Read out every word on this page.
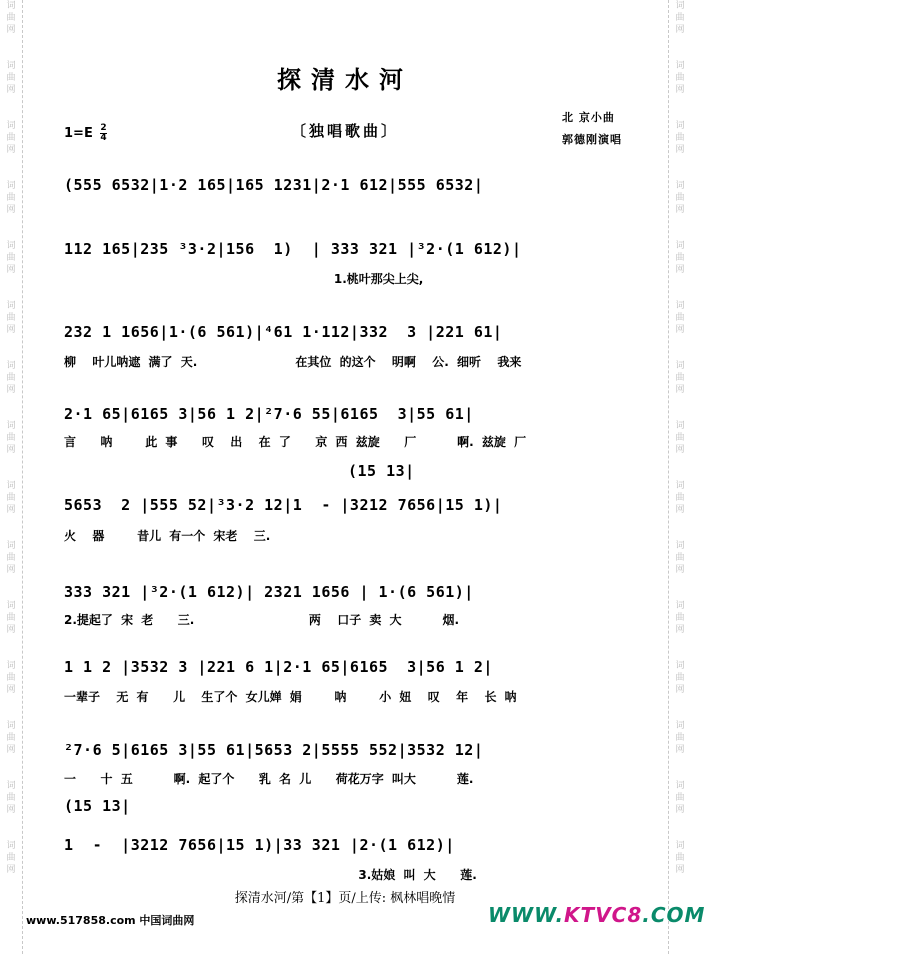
词
曲
网
词
曲
网
词
曲
网
词
曲
网
词
曲
网
词
曲
网
词
曲
网
词
曲
网
词
曲
网
词
曲
网
词
曲
网
词
曲
网
词
曲
网
词
曲
网
词
曲
网
词
曲
网
词
曲
网
词
曲
网
词
曲
网
词
曲
网
词
曲
网
词
曲
网
词
曲
网
词
曲
网
词
曲
网
词
曲
网
词
曲
网
词
曲
网
词
曲
网
词
曲
网
探清水河
〔独唱歌曲〕
$1=E \frac{2}{4}$
北 京小曲
郭德刚演唱
(555 6532|1·2 165|165 1231|2·1 612|555 6532|
112 165|235 ³3·2|156  1)  | 333 321 |³2·(1 612)|
1.桃叶那尖上尖,
232 1 1656|1·(6 561)|⁴61 1·112|332  3 |221 61|
柳  叶儿呐遮 满了 天.            在其位 的这个  明啊  公. 细听  我来
2·1 65|6165 3|56 1 2|²7·6 55|6165  3|55 61|
言   呐    此 事   叹  出  在 了   京 西 兹旋   厂     啊. 兹旋 厂
(15 13|
5653  2 |555 52|³3·2 12|1  - |3212 7656|15 1)|
火  器    昔儿 有一个 宋老  三.
333 321 |³2·(1 612)| 2321 1656 | 1·(6 561)|
2.提起了 宋 老   三.              两  口子 卖 大     烟.
1 1 2 |3532 3 |221 6 1|2·1 65|6165  3|56 1 2|
一辈子  无 有   儿  生了个 女儿婵 娟    呐    小 妞  叹  年  长 呐
²7·6 5|6165 3|55 61|5653 2|5555 552|3532 12|
一   十 五     啊. 起了个   乳 名 儿   荷花万字 叫大     莲.
(15 13|
1  -  |3212 7656|15 1)|33 321 |2·(1 612)|
3.姑娘 叫 大   莲.
探清水河/第【1】页/上传: 枫林唱晚情
www.517858.com 中国词曲网	WWW.KTVC8.COM
